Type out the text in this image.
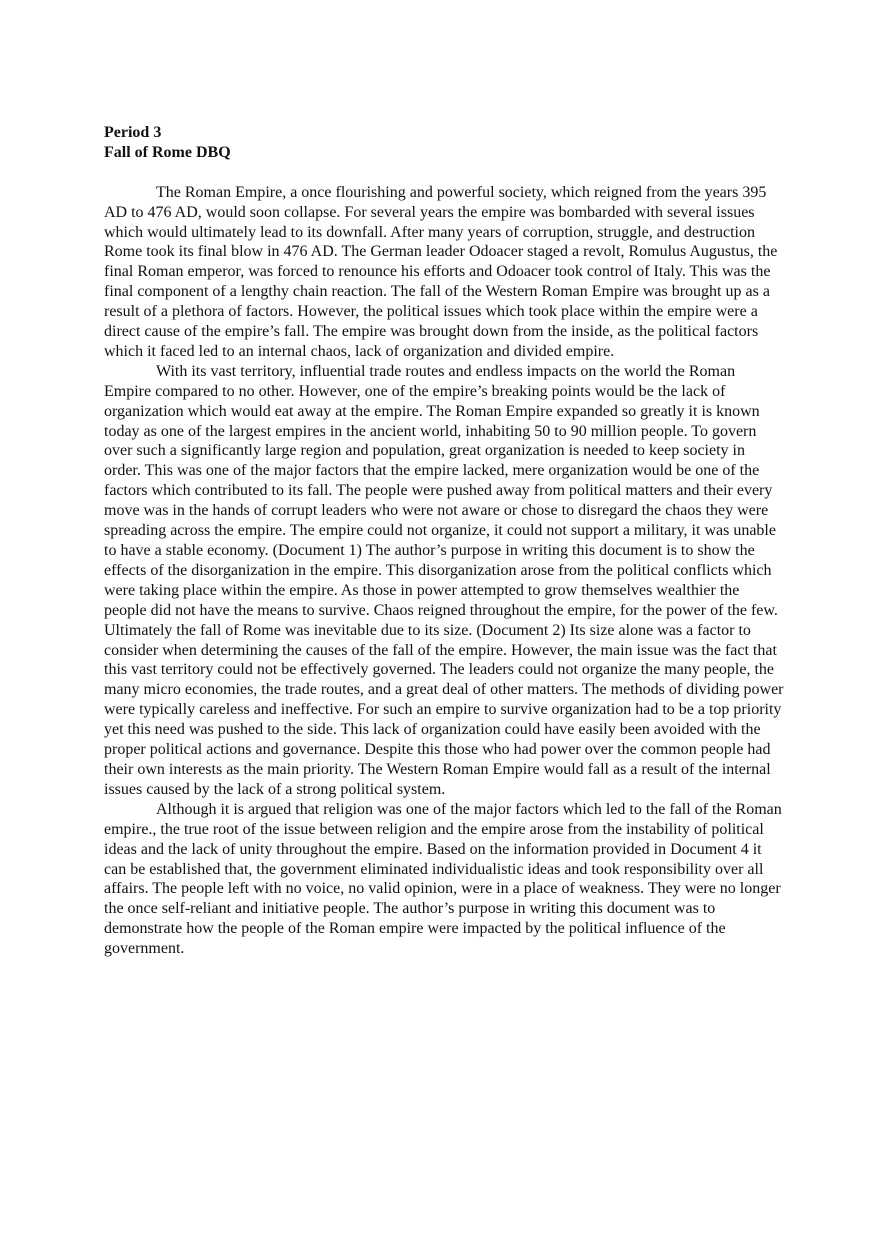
Period 3

Fall of Rome DBQ

The Roman Empire, a once flourishing and powerful society, which reigned from the years 395 AD to 476 AD, would soon collapse. For several years the empire was bombarded with several issues which would ultimately lead to its downfall. After many years of corruption, struggle, and destruction Rome took its final blow in 476 AD. The German leader Odoacer staged a revolt, Romulus Augustus, the final Roman emperor, was forced to renounce his efforts and Odoacer took control of Italy. This was the final component of a lengthy chain reaction. The fall of the Western Roman Empire was brought up as a result of a plethora of factors. However, the political issues which took place within the empire were a direct cause of the empire’s fall. The empire was brought down from the inside, as the political factors which it faced led to an internal chaos, lack of organization and divided empire.

With its vast territory, influential trade routes and endless impacts on the world the Roman Empire compared to no other. However, one of the empire’s breaking points would be the lack of organization which would eat away at the empire. The Roman Empire expanded so greatly it is known today as one of the largest empires in the ancient world, inhabiting 50 to 90 million people. To govern over such a significantly large region and population, great organization is needed to keep society in order. This was one of the major factors that the empire lacked, mere organization would be one of the factors which contributed to its fall. The people were pushed away from political matters and their every move was in the hands of corrupt leaders who were not aware or chose to disregard the chaos they were spreading across the empire. The empire could not organize, it could not support a military, it was unable to have a stable economy. (Document 1) The author’s purpose in writing this document is to show the effects of the disorganization in the empire. This disorganization arose from the political conflicts which were taking place within the empire. As those in power attempted to grow themselves wealthier the people did not have the means to survive. Chaos reigned throughout the empire, for the power of the few. Ultimately the fall of Rome was inevitable due to its size. (Document 2) Its size alone was a factor to consider when determining the causes of the fall of the empire. However, the main issue was the fact that this vast territory could not be effectively governed. The leaders could not organize the many people, the many micro economies, the trade routes, and a great deal of other matters. The methods of dividing power were typically careless and ineffective. For such an empire to survive organization had to be a top priority yet this need was pushed to the side. This lack of organization could have easily been avoided with the proper political actions and governance. Despite this those who had power over the common people had their own interests as the main priority. The Western Roman Empire would fall as a result of the internal issues caused by the lack of a strong political system.

Although it is argued that religion was one of the major factors which led to the fall of the Roman empire., the true root of the issue between religion and the empire arose from the instability of political ideas and the lack of unity throughout the empire. Based on the information provided in Document 4 it can be established that, the government eliminated individualistic ideas and took responsibility over all affairs. The people left with no voice, no valid opinion, were in a place of weakness. They were no longer the once self-reliant and initiative people. The author’s purpose in writing this document was to demonstrate how the people of the Roman empire were impacted by the political influence of the government.
